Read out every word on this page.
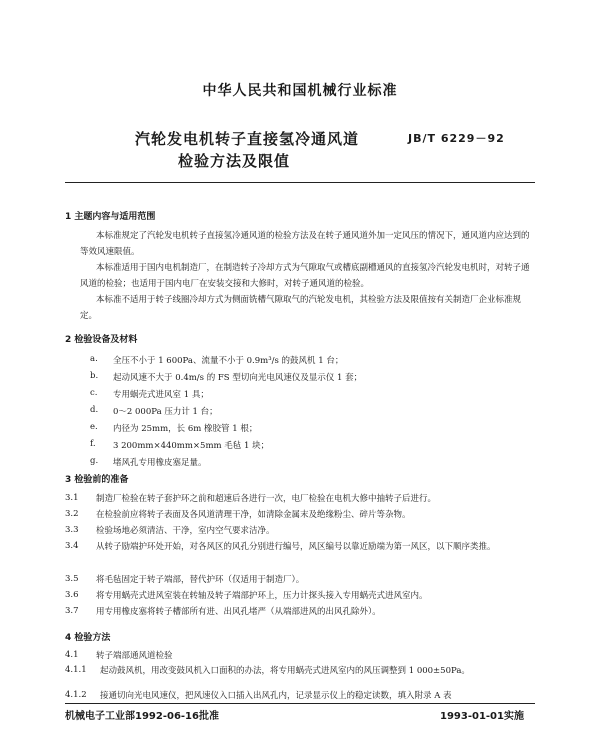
中华人民共和国机械行业标准
汽轮发电机转子直接氢冷通风道
检验方法及限值
JB/T 6229－92
1 主题内容与适用范围
本标准规定了汽轮发电机转子直接氢冷通风道的检验方法及在转子通风道外加一定风压的情况下，通风道内应达到的等效风速限值。
本标准适用于国内电机制造厂，在制造转子冷却方式为气隙取气或槽底副槽通风的直接氢冷汽轮发电机时，对转子通风道的检验；也适用于国内电厂在安装交接和大修时，对转子通风道的检验。
本标准不适用于转子线圈冷却方式为侧面铣槽气隙取气的汽轮发电机，其检验方法及限值按有关制造厂企业标准规定。
2 检验设备及材料
a. 全压不小于 1 600Pa、流量不小于 0.9m³/s 的鼓风机 1 台；
b. 起动风速不大于 0.4m/s 的 FS 型切向光电风速仪及显示仪 1 套；
c. 专用蜗壳式进风室 1 具；
d. 0～2 000Pa 压力计 1 台；
e. 内径为 25mm，长 6m 橡胶管 1 根；
f. 3 200mm×440mm×5mm 毛毡 1 块；
g. 堵风孔专用橡皮塞足量。
3 检验前的准备
3.1 制造厂检验在转子套护环之前和超速后各进行一次，电厂检验在电机大修中抽转子后进行。
3.2 在检验前应将转子表面及各风道清理干净，如清除金属末及绝缘粉尘、碎片等杂物。
3.3 检验场地必须清洁、干净，室内空气要求洁净。
3.4 从转子励端护环处开始，对各风区的风孔分别进行编号，风区编号以靠近励端为第一风区，以下顺序类推。
3.5 将毛毡固定于转子端部，替代护环（仅适用于制造厂）。
3.6 将专用蜗壳式进风室装在转轴及转子端部护环上，压力计探头接入专用蜗壳式进风室内。
3.7 用专用橡皮塞将转子槽部所有进、出风孔堵严（从端部进风的出风孔除外）。
4 检验方法
4.1 转子端部通风道检验
4.1.1 起动鼓风机，用改变鼓风机入口面积的办法，将专用蜗壳式进风室内的风压调整到 1 000±50Pa。
4.1.2 接通切向光电风速仪，把风速仪入口插入出风孔内，记录显示仪上的稳定读数，填入附录 A 表
机械电子工业部1992-06-16批准	1993-01-01实施
